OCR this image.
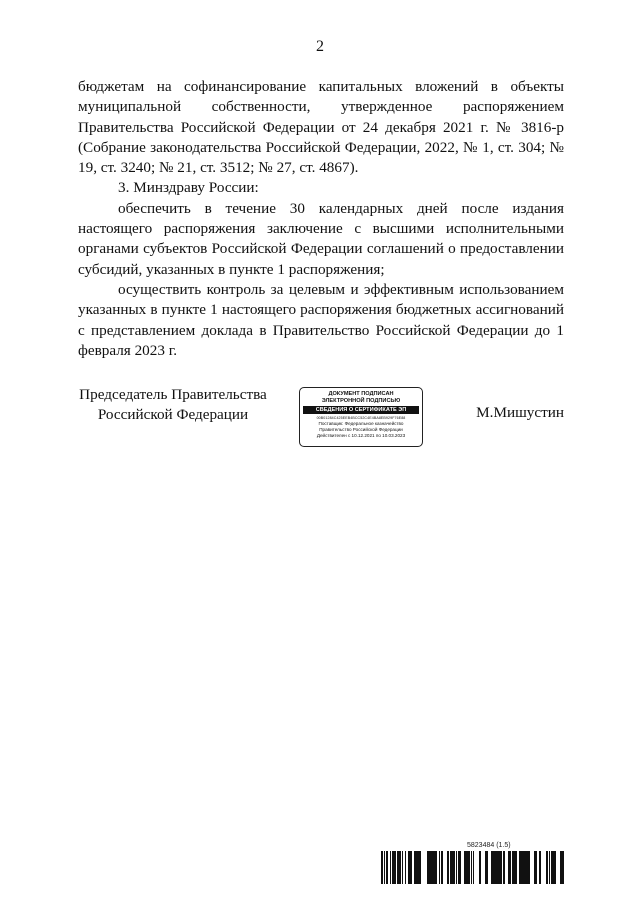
2

бюджетам на софинансирование капитальных вложений в объекты муниципальной собственности, утвержденное распоряжением Правительства Российской Федерации от 24 декабря 2021 г. № 3816-р (Собрание законодательства Российской Федерации, 2022, № 1, ст. 304; № 19, ст. 3240; № 21, ст. 3512; № 27, ст. 4867).

3. Минздраву России:

обеспечить в течение 30 календарных дней после издания настоящего распоряжения заключение с высшими исполнительными органами субъектов Российской Федерации соглашений о предоставлении субсидий, указанных в пункте 1 распоряжения;

осуществить контроль за целевым и эффективным использованием указанных в пункте 1 настоящего распоряжения бюджетных ассигнований с представлением доклада в Правительство Российской Федерации до 1 февраля 2023 г.

Председатель Правительства
Российской Федерации
ДОКУМЕНТ ПОДПИСАН
ЭЛЕКТРОННОЙ ПОДПИСЬЮ
СВЕДЕНИЯ О СЕРТИФИКАТЕ ЭП
00B01284C425EEB4BCC52C4E4BA8EB929F76E88
Поставщик: Федеральное казначейство
Правительство Российской Федерации
Действителен с 10.12.2021 по 10.03.2023
М.Мишустин
5823484 (1.5)
